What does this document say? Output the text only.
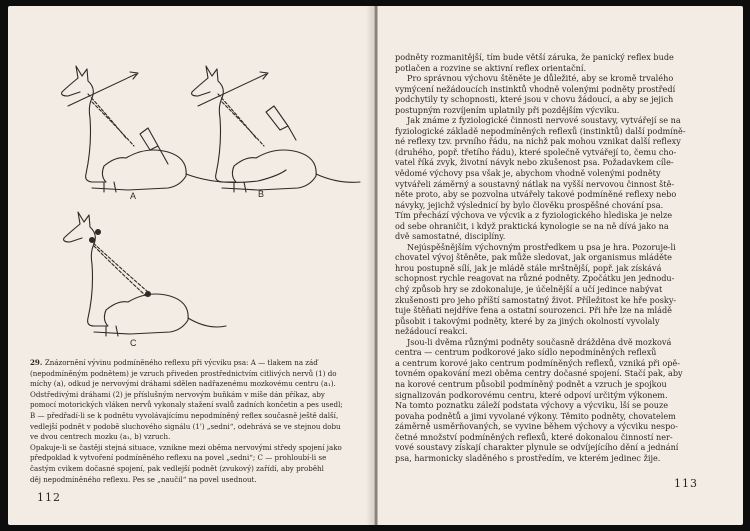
A	B
C

29. Znázornění vývinu podmíněného reflexu při výcviku psa: A — tlakem na záď

(nepodmíněným podnětem) je vzruch přiveden prostřednictvím citlivých nervů (1) do

míchy (a), odkud je nervovými dráhami sdělen nadřazenému mozkovému centru (a₁).

Odstředivými dráhami (2) je příslušným nervovým buňkám v míše dán příkaz, aby

pomocí motorických vláken nervů vykonaly stažení svalů zadních končetin a pes usedl;

B — předřadí-li se k podnětu vyvolávajícímu nepodmíněný reflex současně ještě další,

vedlejší podnět v podobě sluchového signálu (1') „sedni“, odehrává se ve stejnou dobu

ve dvou centrech mozku (a₁, b) vzruch.

Opakuje-li se častěji stejná situace, vznikne mezi oběma nervovými středy spojení jako

předpoklad k vytvoření podmíněného reflexu na povel „sedni“; C — prohloubí-li se

častým cvikem dočasné spojení, pak vedlejší podnět (zvukový) zařídí, aby proběhl

děj nepodmíněného reflexu. Pes se „naučil“ na povel usednout.

112

podněty rozmanitější, tím bude větší záruka, že panický reflex bude

potlačen a rozvine se aktivní reflex orientační.

Pro správnou výchovu štěněte je důležité, aby se kromě trvalého

vymýcení nežádoucích instinktů vhodně volenými podněty prostředí

podchytily ty schopnosti, které jsou v chovu žádoucí, a aby se jejich

postupným rozvíjením uplatnily při pozdějším výcviku.

Jak známe z fyziologické činnosti nervové soustavy, vytvářejí se na

fyziologické základě nepodmíněných reflexů (instinktů) další podmíně-

né reflexy tzv. prvního řádu, na nichž pak mohou vznikat další reflexy

(druhého, popř. třetího řádu), které společně vytvářejí to, čemu cho-

vatel říká zvyk, životní návyk nebo zkušenost psa. Požadavkem cíle-

vědomé výchovy psa však je, abychom vhodně volenými podněty

vytvářeli záměrný a soustavný nátlak na vyšší nervovou činnost ště-

něte proto, aby se pozvolna utvářely takové podmíněné reflexy nebo

návyky, jejichž výslednicí by bylo člověku prospěšné chování psa.

Tím přechází výchova ve výcvik a z fyziologického hlediska je nelze

od sebe ohraničit, i když praktická kynologie se na ně dívá jako na

dvě samostatné, disciplíny.

Nejúspěšnějším výchovným prostředkem u psa je hra. Pozoruje-li

chovatel vývoj štěněte, pak může sledovat, jak organismus mláděte

hrou postupně sílí, jak je mládě stále mrštnější, popř. jak získává

schopnost rychle reagovat na různé podněty. Zpočátku jen jednodu-

chý způsob hry se zdokonaluje, je účelnější a učí jedince nabývat

zkušenosti pro jeho příští samostatný život. Příležitost ke hře posky-

tuje štěňati nejdříve fena a ostatní sourozenci. Při hře lze na mládě

působit i takovými podněty, které by za jiných okolností vyvolaly

nežádoucí reakci.

Jsou-li dvěma různými podněty současně drážděna dvě mozková

centra — centrum podkorové jako sídlo nepodmíněných reflexů

a centrum korové jako centrum podmíněných reflexů, vzniká při opě-

tovném opakování mezi oběma centry dočasné spojení. Stačí pak, aby

na korové centrum působil podmíněný podnět a vzruch je spojkou

signalizován podkorovému centru, které odpoví určitým výkonem.

Na tomto poznatku záleží podstata výchovy a výcviku, lší se pouze

povaha podnětů a jimi vyvolané výkony. Těmito podněty, chovatelem

záměrně usměrňovaných, se vyvine během výchovy a výcviku nespo-

četné množství podmíněných reflexů, které dokonalou činností ner-

vové soustavy získají charakter plynule se odvíjejícího dění a jednání

psa, harmonicky sladěného s prostředím, ve kterém jedinec žije.

113
